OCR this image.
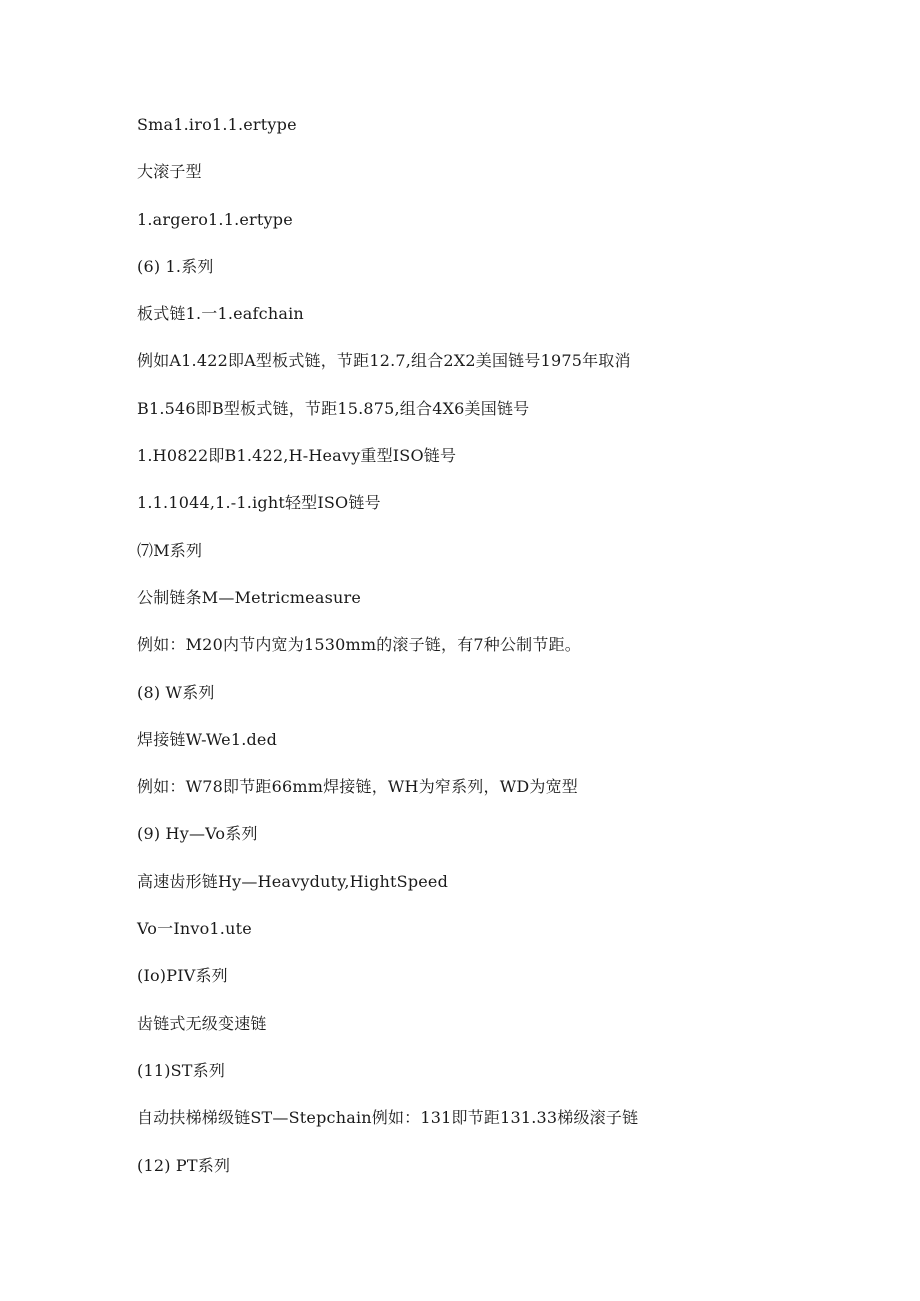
Sma1.iro1.1.ertype
大滚子型
1.argero1.1.ertype
(6) 1.系列
板式链1.一1.eafchain
例如A1.422即A型板式链，节距12.7,组合2X2美国链号1975年取消
B1.546即B型板式链，节距15.875,组合4X6美国链号
1.H0822即B1.422,H-Heavy重型ISO链号
1.1.1044,1.-1.ight轻型ISO链号
⑺M系列
公制链条M—Metricmeasure
例如：M20内节内宽为1530mm的滚子链，有7种公制节距。
(8) W系列
焊接链W-We1.ded
例如：W78即节距66mm焊接链，WH为窄系列，WD为宽型
(9) Hy—Vo系列
高速齿形链Hy—Heavyduty,HightSpeed
Vo一Invo1.ute
(Io)PIV系列
齿链式无级变速链
(11)ST系列
自动扶梯梯级链ST—Stepchain例如：131即节距131.33梯级滚子链
(12) PT系列
